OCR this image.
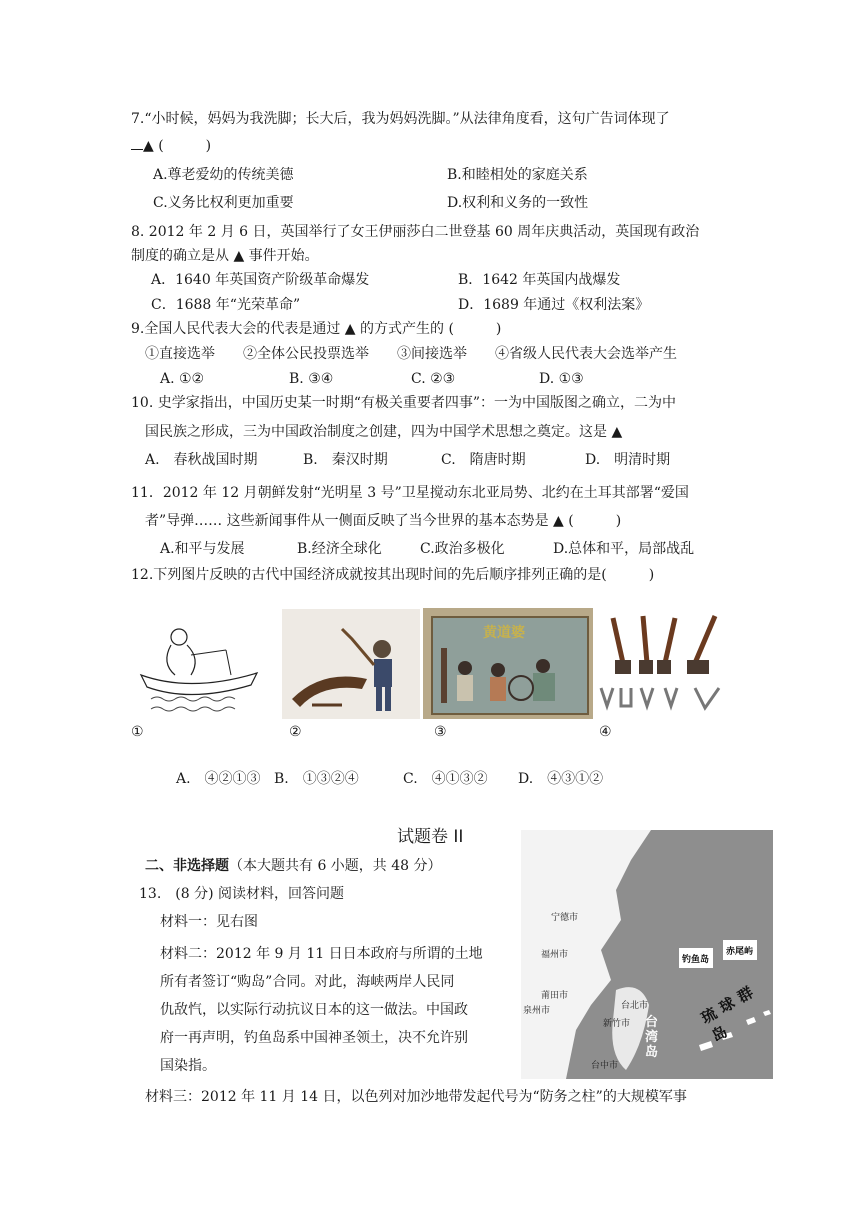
7.“小时候，妈妈为我洗脚；长大后，我为妈妈洗脚。”从法律角度看，这句广告词体现了
▲ (　　　)
A.尊老爱幼的传统美德	B.和睦相处的家庭关系
C.义务比权利更加重要	D.权利和义务的一致性
8. 2012 年 2 月 6 日，英国举行了女王伊丽莎白二世登基 60 周年庆典活动，英国现有政治
制度的确立是从 ▲ 事件开始。
A．1640 年英国资产阶级革命爆发	B．1642 年英国内战爆发
C．1688 年“光荣革命”	D．1689 年通过《权利法案》
9.全国人民代表大会的代表是通过 ▲ 的方式产生的 (　　　)
①直接选举　　②全体公民投票选举　　③间接选举　　④省级人民代表大会选举产生
A. ①②	B. ③④	C. ②③	D. ①③
10. 史学家指出，中国历史某一时期“有极关重要者四事”：一为中国版图之确立，二为中
国民族之形成，三为中国政治制度之创建，四为中国学术思想之奠定。这是 ▲
A.　春秋战国时期	B.　秦汉时期	C.　隋唐时期	D.　明清时期
11．2012 年 12 月朝鲜发射“光明星 3 号”卫星搅动东北亚局势、北约在土耳其部署“爱国
者”导弹…… 这些新闻事件从一侧面反映了当今世界的基本态势是 ▲ (　　　)
A.和平与发展	B.经济全球化	C.政治多极化	D.总体和平，局部战乱
12.下列图片反映的古代中国经济成就按其出现时间的先后顺序排列正确的是(　　　)
黄道婆
①	②	③	④
A.　④②①③ B.　①③②④	C.　④①③② D.　④③①②
试题卷 II
二、非选择题（本大题共有 6 小题，共 48 分）
13.　(8 分) 阅读材料，回答问题
材料一：见右图
材料二：2012 年 9 月 11 日日本政府与所谓的土地
所有者签订“购岛”合同。对此，海峡两岸人民同
仇敌忾，以实际行动抗议日本的这一做法。中国政
府一再声明，钓鱼岛系中国神圣领土，决不允许别
国染指。
材料三：2012 年 11 月 14 日，以色列对加沙地带发起代号为“防务之柱”的大规模军事
宁德市
福州市
莆田市
泉州市	台北市
新竹市
台中市
钓鱼岛
赤尾屿
台湾岛
琉球群岛
